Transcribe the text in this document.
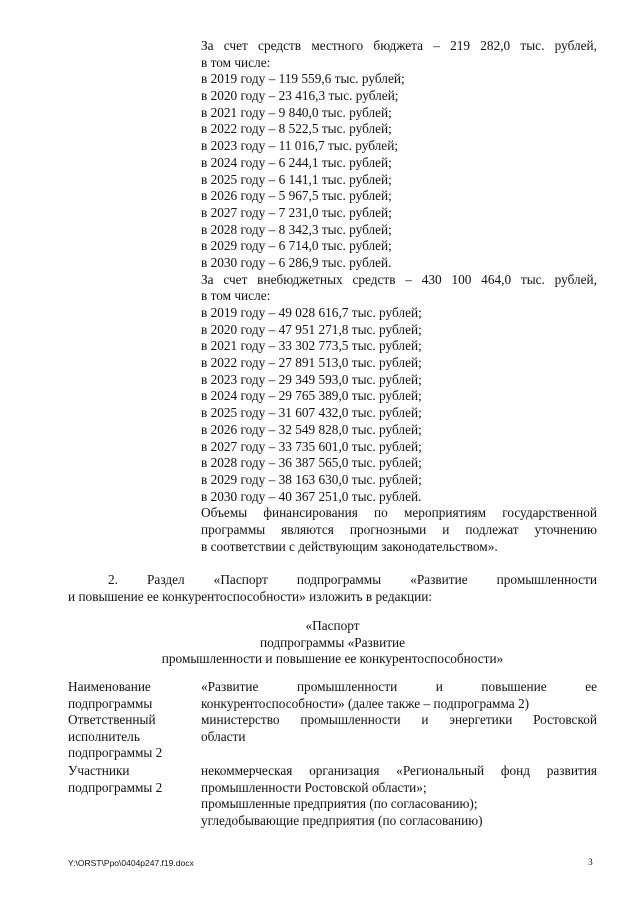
За счет средств местного бюджета – 219 282,0 тыс. рублей,
в том числе:
в 2019 году – 119 559,6 тыс. рублей;
в 2020 году – 23 416,3 тыс. рублей;
в 2021 году – 9 840,0 тыс. рублей;
в 2022 году – 8 522,5 тыс. рублей;
в 2023 году – 11 016,7 тыс. рублей;
в 2024 году – 6 244,1 тыс. рублей;
в 2025 году – 6 141,1 тыс. рублей;
в 2026 году – 5 967,5 тыс. рублей;
в 2027 году – 7 231,0 тыс. рублей;
в 2028 году – 8 342,3 тыс. рублей;
в 2029 году – 6 714,0 тыс. рублей;
в 2030 году – 6 286,9 тыс. рублей.
За счет внебюджетных средств – 430 100 464,0 тыс. рублей,
в том числе:
в 2019 году – 49 028 616,7 тыс. рублей;
в 2020 году – 47 951 271,8 тыс. рублей;
в 2021 году – 33 302 773,5 тыс. рублей;
в 2022 году – 27 891 513,0 тыс. рублей;
в 2023 году – 29 349 593,0 тыс. рублей;
в 2024 году – 29 765 389,0 тыс. рублей;
в 2025 году – 31 607 432,0 тыс. рублей;
в 2026 году – 32 549 828,0 тыс. рублей;
в 2027 году – 33 735 601,0 тыс. рублей;
в 2028 году – 36 387 565,0 тыс. рублей;
в 2029 году – 38 163 630,0 тыс. рублей;
в 2030 году – 40 367 251,0 тыс. рублей.
Объемы финансирования по мероприятиям государственной
программы являются прогнозными и подлежат уточнению
в соответствии с действующим законодательством».
2. Раздел «Паспорт подпрограммы «Развитие промышленности
и повышение ее конкурентоспособности» изложить в редакции:
«Паспорт
подпрограммы «Развитие
промышленности и повышение ее конкурентоспособности»
Наименование
подпрограммы
«Развитие промышленности и повышение ее
конкурентоспособности» (далее также – подпрограмма 2)
Ответственный
исполнитель
подпрограммы 2
министерство промышленности и энергетики Ростовской
области
Участники
подпрограммы 2
некоммерческая организация «Региональный фонд развития
промышленности Ростовской области»;
промышленные предприятия (по согласованию);
угледобывающие предприятия (по согласованию)
Y:\ORST\Ppo\0404p247.f19.docx	3
